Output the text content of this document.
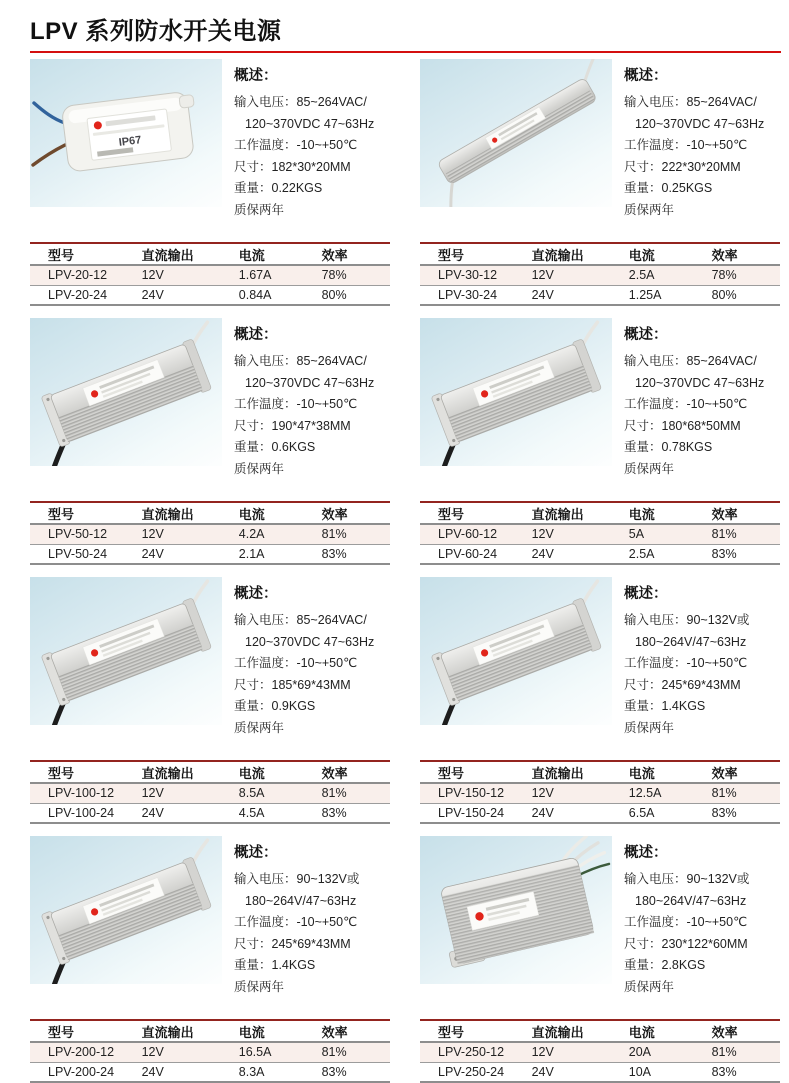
LPV 系列防水开关电源
IP67
概述：

输入电压：85~264VAC/

120~370VDC 47~63Hz

工作温度：-10~+50℃

尺寸：182*30*20MM

重量：0.22KGS

质保两年

型号	直流输出	电流	效率
LPV-20-12	12V	1.67A	78%
LPV-20-24	24V	0.84A	80%
概述：

输入电压：85~264VAC/

120~370VDC 47~63Hz

工作温度：-10~+50℃

尺寸：222*30*20MM

重量：0.25KGS

质保两年

型号	直流输出	电流	效率
LPV-30-12	12V	2.5A	78%
LPV-30-24	24V	1.25A	80%
概述：

输入电压：85~264VAC/

120~370VDC 47~63Hz

工作温度：-10~+50℃

尺寸：190*47*38MM

重量：0.6KGS

质保两年

型号	直流输出	电流	效率
LPV-50-12	12V	4.2A	81%
LPV-50-24	24V	2.1A	83%
概述：

输入电压：85~264VAC/

120~370VDC 47~63Hz

工作温度：-10~+50℃

尺寸：180*68*50MM

重量：0.78KGS

质保两年

型号	直流输出	电流	效率
LPV-60-12	12V	5A	81%
LPV-60-24	24V	2.5A	83%
概述：

输入电压：85~264VAC/

120~370VDC 47~63Hz

工作温度：-10~+50℃

尺寸：185*69*43MM

重量：0.9KGS

质保两年

型号	直流输出	电流	效率
LPV-100-12	12V	8.5A	81%
LPV-100-24	24V	4.5A	83%
概述：

输入电压：90~132V或

180~264V/47~63Hz

工作温度：-10~+50℃

尺寸：245*69*43MM

重量：1.4KGS

质保两年

型号	直流输出	电流	效率
LPV-150-12	12V	12.5A	81%
LPV-150-24	24V	6.5A	83%
概述：

输入电压：90~132V或

180~264V/47~63Hz

工作温度：-10~+50℃

尺寸：245*69*43MM

重量：1.4KGS

质保两年

型号	直流输出	电流	效率
LPV-200-12	12V	16.5A	81%
LPV-200-24	24V	8.3A	83%
概述：

输入电压：90~132V或

180~264V/47~63Hz

工作温度：-10~+50℃

尺寸：230*122*60MM

重量：2.8KGS

质保两年

型号	直流输出	电流	效率
LPV-250-12	12V	20A	81%
LPV-250-24	24V	10A	83%
